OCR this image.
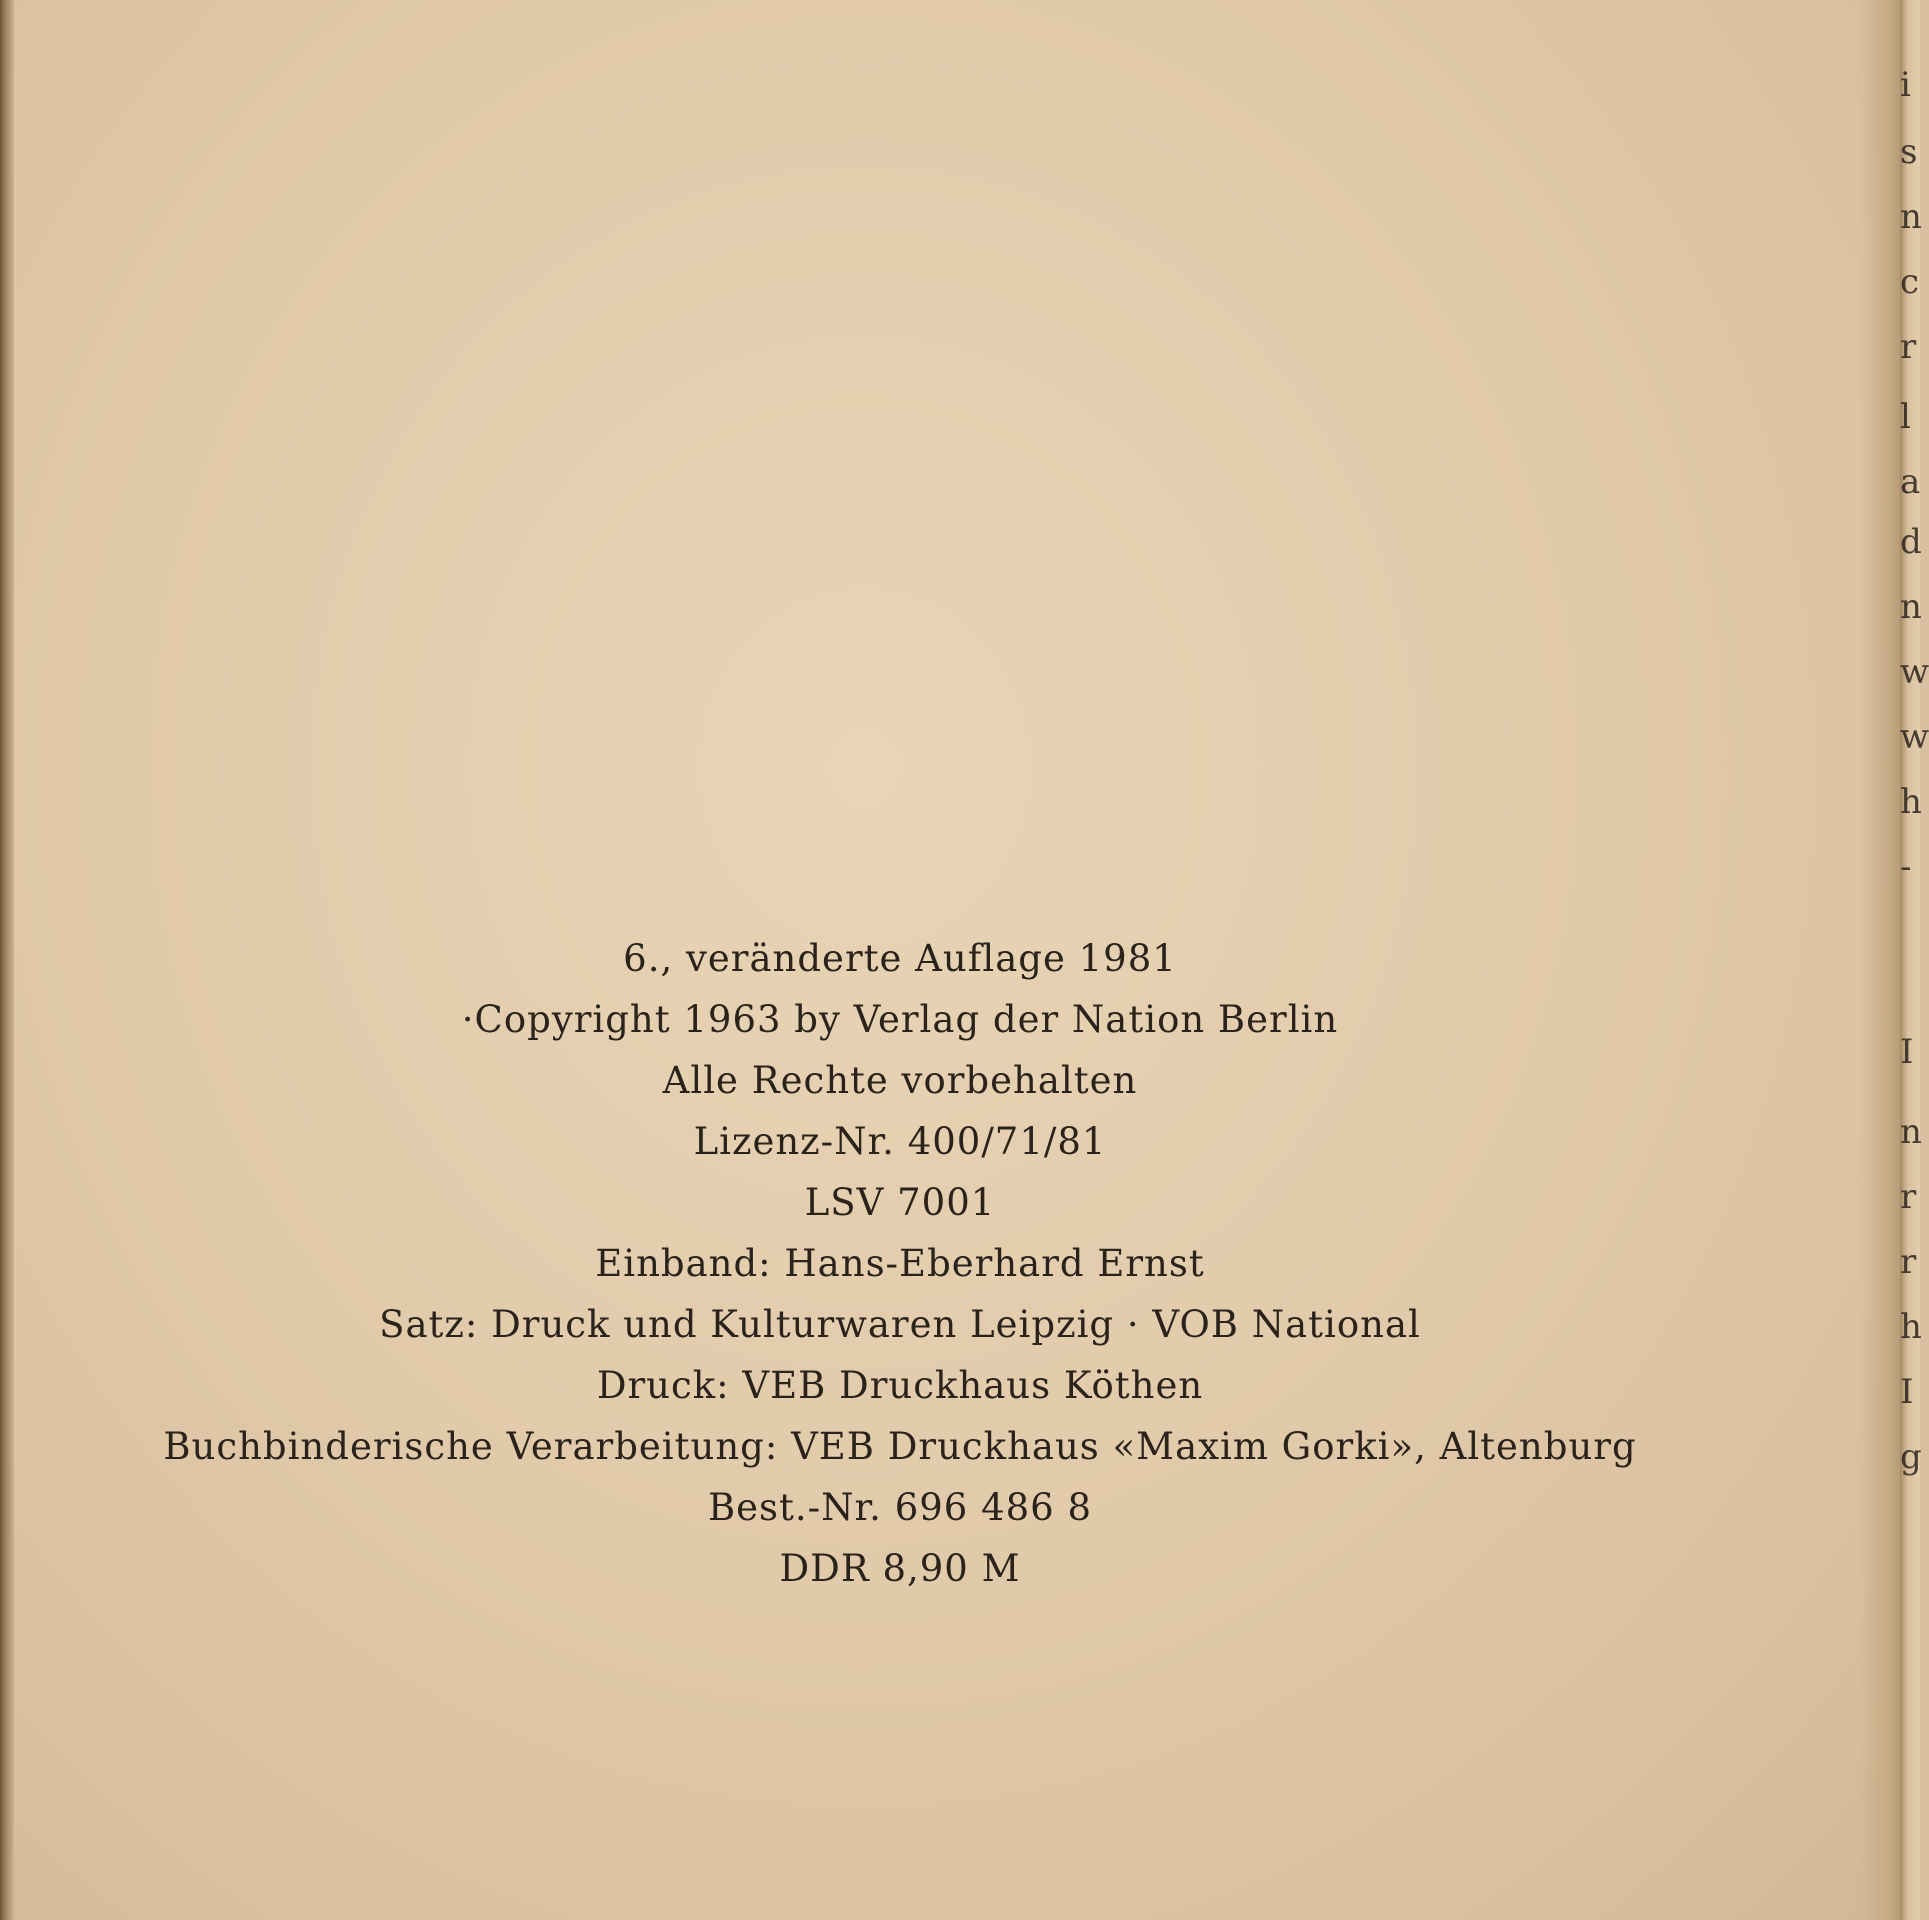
6., veränderte Auflage 1981
·Copyright 1963 by Verlag der Nation Berlin
Alle Rechte vorbehalten
Lizenz-Nr. 400/71/81
LSV 7001
Einband: Hans-Eberhard Ernst
Satz: Druck und Kulturwaren Leipzig · VOB National
Druck: VEB Druckhaus Köthen
Buchbinderische Verarbeitung: VEB Druckhaus «Maxim Gorki», Altenburg
Best.-Nr. 696 486 8
DDR 8,90 M
i
s
n
c
r
l
a
d
n
w
w
h
-
I
n
r
r
h
I
g
